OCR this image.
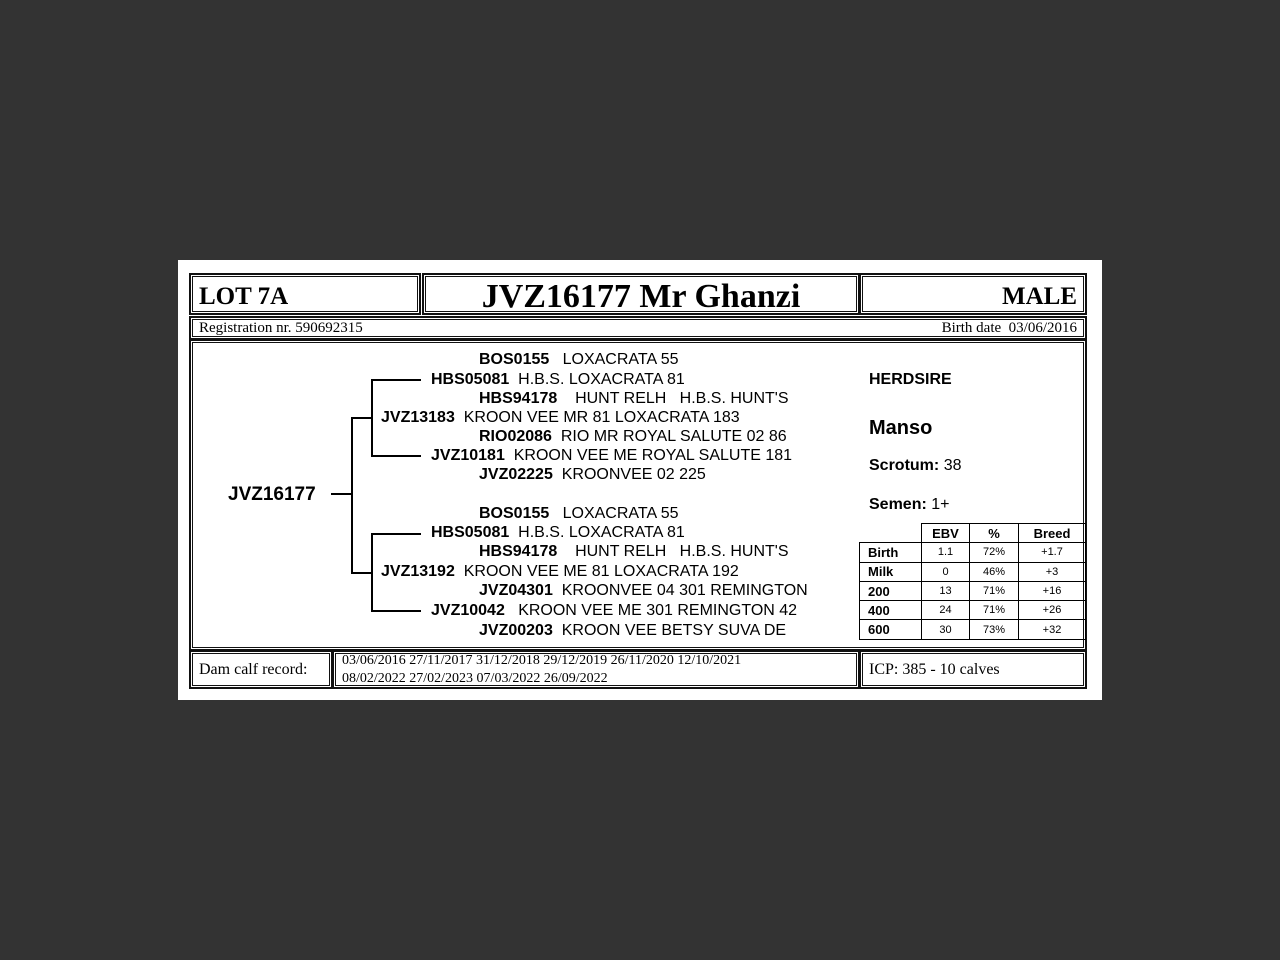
LOT 7A	JVZ16177 Mr Ghanzi	MALE
Registration nr. 590692315	Birth date 03/06/2016
JVZ16177
BOS0155 LOXACRATA 55
HBS05081 H.B.S. LOXACRATA 81
HBS94178 HUNT RELH   H.B.S. HUNT'S
JVZ13183 KROON VEE MR 81 LOXACRATA 183
RIO02086 RIO MR ROYAL SALUTE 02 86
JVZ10181 KROON VEE ME ROYAL SALUTE 181
JVZ02225 KROONVEE 02 225
BOS0155 LOXACRATA 55
HBS05081 H.B.S. LOXACRATA 81
HBS94178 HUNT RELH   H.B.S. HUNT'S
JVZ13192 KROON VEE ME 81 LOXACRATA 192
JVZ04301 KROONVEE 04 301 REMINGTON
JVZ10042 KROON VEE ME 301 REMINGTON 42
JVZ00203 KROON VEE BETSY SUVA DE
HERDSIRE
Manso
Scrotum: 38
Semen: 1+
	EBV	%	Breed
Birth	1.1	72%	+1.7
Milk	0	46%	+3
200	13	71%	+16
400	24	71%	+26
600	30	73%	+32
Dam calf record:
03/06/2016 27/11/2017 31/12/2018 29/12/2019 26/11/2020 12/10/2021
08/02/2022 27/02/2023 07/03/2022 26/09/2022
ICP: 385 - 10 calves
